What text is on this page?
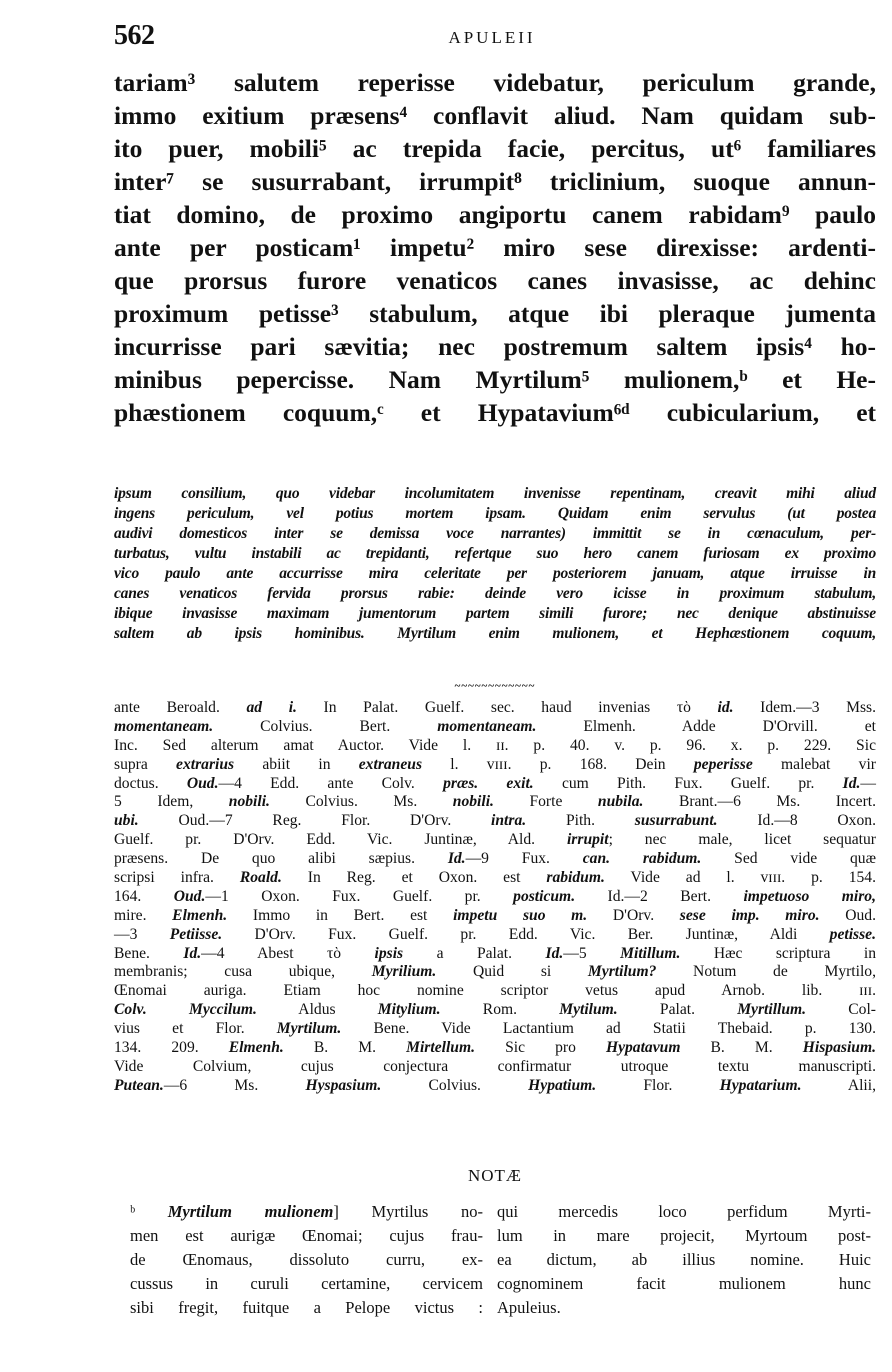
562	APULEII
tariam³ salutem reperisse videbatur, periculum grande,
immo exitium præsens⁴ conflavit aliud. Nam quidam sub-
ito puer, mobili⁵ ac trepida facie, percitus, ut⁶ familiares
inter⁷ se susurrabant, irrumpit⁸ triclinium, suoque annun-
tiat domino, de proximo angiportu canem rabidam⁹ paulo
ante per posticam¹ impetu² miro sese direxisse: ardenti-
que prorsus furore venaticos canes invasisse, ac dehinc
proximum petisse³ stabulum, atque ibi pleraque jumenta
incurrisse pari sævitia; nec postremum saltem ipsis⁴ ho-
minibus pepercisse. Nam Myrtilum⁵ mulionem,ᵇ et He-
phæstionem coquum,ᶜ et Hypatavium⁶ᵈ cubicularium, et
ipsum consilium, quo videbar incolumitatem invenisse repentinam, creavit mihi aliud
ingens periculum, vel potius mortem ipsam. Quidam enim servulus (ut postea
audivi domesticos inter se demissa voce narrantes) immittit se in cœnaculum, per-
turbatus, vultu instabili ac trepidanti, refertque suo hero canem furiosam ex proximo
vico paulo ante accurrisse mira celeritate per posteriorem januam, atque irruisse in
canes venaticos fervida prorsus rabie: deinde vero icisse in proximum stabulum,
ibique invasisse maximam jumentorum partem simili furore; nec denique abstinuisse
saltem ab ipsis hominibus. Myrtilum enim mulionem, et Hephæstionem coquum,
~~~~~~~~~~~~
ante Beroald. ad i. In Palat. Guelf. sec. haud invenias τὸ id. Idem.—3 Mss.
momentaneam. Colvius. Bert. momentaneam. Elmenh. Adde D'Orvill. et
Inc. Sed alterum amat Auctor. Vide l. ɪɪ. p. 40. v. p. 96. x. p. 229. Sic
supra extrarius abiit in extraneus l. ᴠɪɪɪ. p. 168. Dein peperisse malebat vir
doctus. Oud.—4 Edd. ante Colv. præs. exit. cum Pith. Fux. Guelf. pr. Id.—
5 Idem, nobili. Colvius. Ms. nobili. Forte nubila. Brant.—6 Ms. Incert.
ubi. Oud.—7 Reg. Flor. D'Orv. intra. Pith. susurrabunt. Id.—8 Oxon.
Guelf. pr. D'Orv. Edd. Vic. Juntinæ, Ald. irrupit; nec male, licet sequatur
præsens. De quo alibi sæpius. Id.—9 Fux. can. rabidum. Sed vide quæ
scripsi infra. Roald. In Reg. et Oxon. est rabidum. Vide ad l. ᴠɪɪɪ. p. 154.
164. Oud.—1 Oxon. Fux. Guelf. pr. posticum. Id.—2 Bert. impetuoso miro,
mire. Elmenh. Immo in Bert. est impetu suo m. D'Orv. sese imp. miro. Oud.
—3 Petiisse. D'Orv. Fux. Guelf. pr. Edd. Vic. Ber. Juntinæ, Aldi petisse.
Bene. Id.—4 Abest τὸ ipsis a Palat. Id.—5 Mitillum. Hæc scriptura in
membranis; cusa ubique, Myrilium. Quid si Myrtilum? Notum de Myrtilo,
Œnomai auriga. Etiam hoc nomine scriptor vetus apud Arnob. lib. ɪɪɪ.
Colv. Myccilum. Aldus Mitylium. Rom. Mytilum. Palat. Myrtillum. Col-
vius et Flor. Myrtilum. Bene. Vide Lactantium ad Statii Thebaid. p. 130.
134. 209. Elmenh. B. M. Mirtellum. Sic pro Hypatavum B. M. Hispasium.
Vide Colvium, cujus conjectura confirmatur utroque textu manuscripti.
Putean.—6 Ms. Hyspasium. Colvius. Hypatium. Flor. Hypatarium. Alii,
NOTÆ
ᵇ Myrtilum mulionem] Myrtilus no-
men est aurigæ Œnomai; cujus frau-
de Œnomaus, dissoluto curru, ex-
cussus in curuli certamine, cervicem
sibi fregit, fuitque a Pelope victus :
qui mercedis loco perfidum Myrti-
lum in mare projecit, Myrtoum post-
ea dictum, ab illius nomine. Huic
cognominem facit mulionem hunc
Apuleius.
